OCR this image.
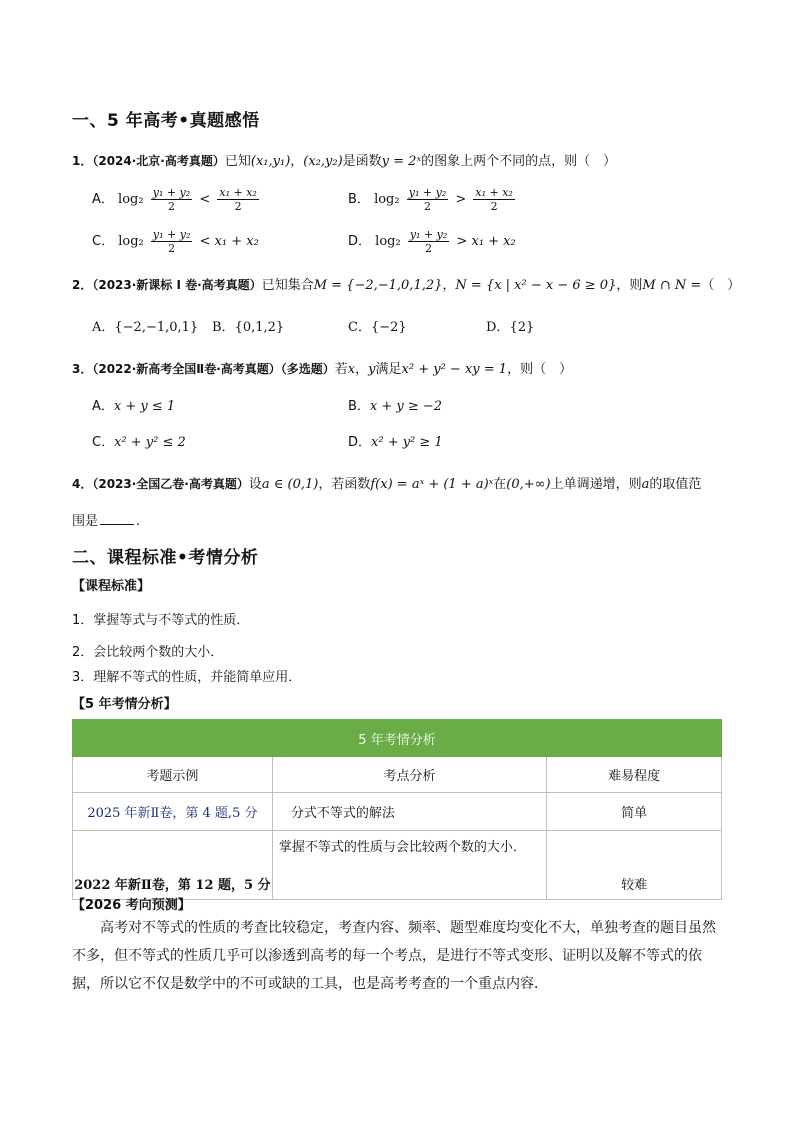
一、5 年高考•真题感悟
1．（2024·北京·高考真题）已知(x₁,y₁)，(x₂,y₂)是函数y = 2ˣ的图象上两个不同的点，则（　）
A． $\log_2 \frac{\text{y₁ + y₂}}{2} < \frac{\text{x₁ + x₂}}{2}$	B． $\log_2 \frac{\text{y₁ + y₂}}{2} > \frac{\text{x₁ + x₂}}{2}$
C． $\log_2 \frac{\text{y₁ + y₂}}{2} < x_1 + x_2$	D． $\log_2 \frac{\text{y₁ + y₂}}{2} > x_1 + x_2$
2．（2023·新课标 Ⅰ 卷·高考真题）已知集合M = {−2,−1,0,1,2}，N = {x | x² − x − 6 ≥ 0}，则M ∩ N =（　）
A．{−2,−1,0,1} B．{0,1,2}	C．{−2}	D．{2}
3．（2022·新高考全国Ⅱ卷·高考真题）（多选题）若x，y满足x² + y² − xy = 1，则（　）
A．x + y ≤ 1	B．x + y ≥ −2
C．x² + y² ≤ 2	D．x² + y² ≥ 1
4．（2023·全国乙卷·高考真题）设a ∈ (0,1)，若函数f(x) = aˣ + (1 + a)ˣ在(0,+∞)上单调递增，则a的取值范
围是	.
二、课程标准•考情分析
【课程标准】
1．掌握等式与不等式的性质．
2．会比较两个数的大小．
3．理解不等式的性质，并能简单应用．
【5 年考情分析】
5 年考情分析		
考题示例	考点分析	难易程度
2025 年新Ⅱ卷，第 4 题,5 分	分式不等式的解法	简单
2022 年新Ⅱ卷，第 12 题，5 分	掌握不等式的性质与会比较两个数的大小．	较难
【2026 考向预测】
高考对不等式的性质的考查比较稳定，考查内容、频率、题型难度均变化不大，单独考查的题目虽然不多，但不等式的性质几乎可以渗透到高考的每一个考点，是进行不等式变形、证明以及解不等式的依据，所以它不仅是数学中的不可或缺的工具，也是高考考查的一个重点内容．
